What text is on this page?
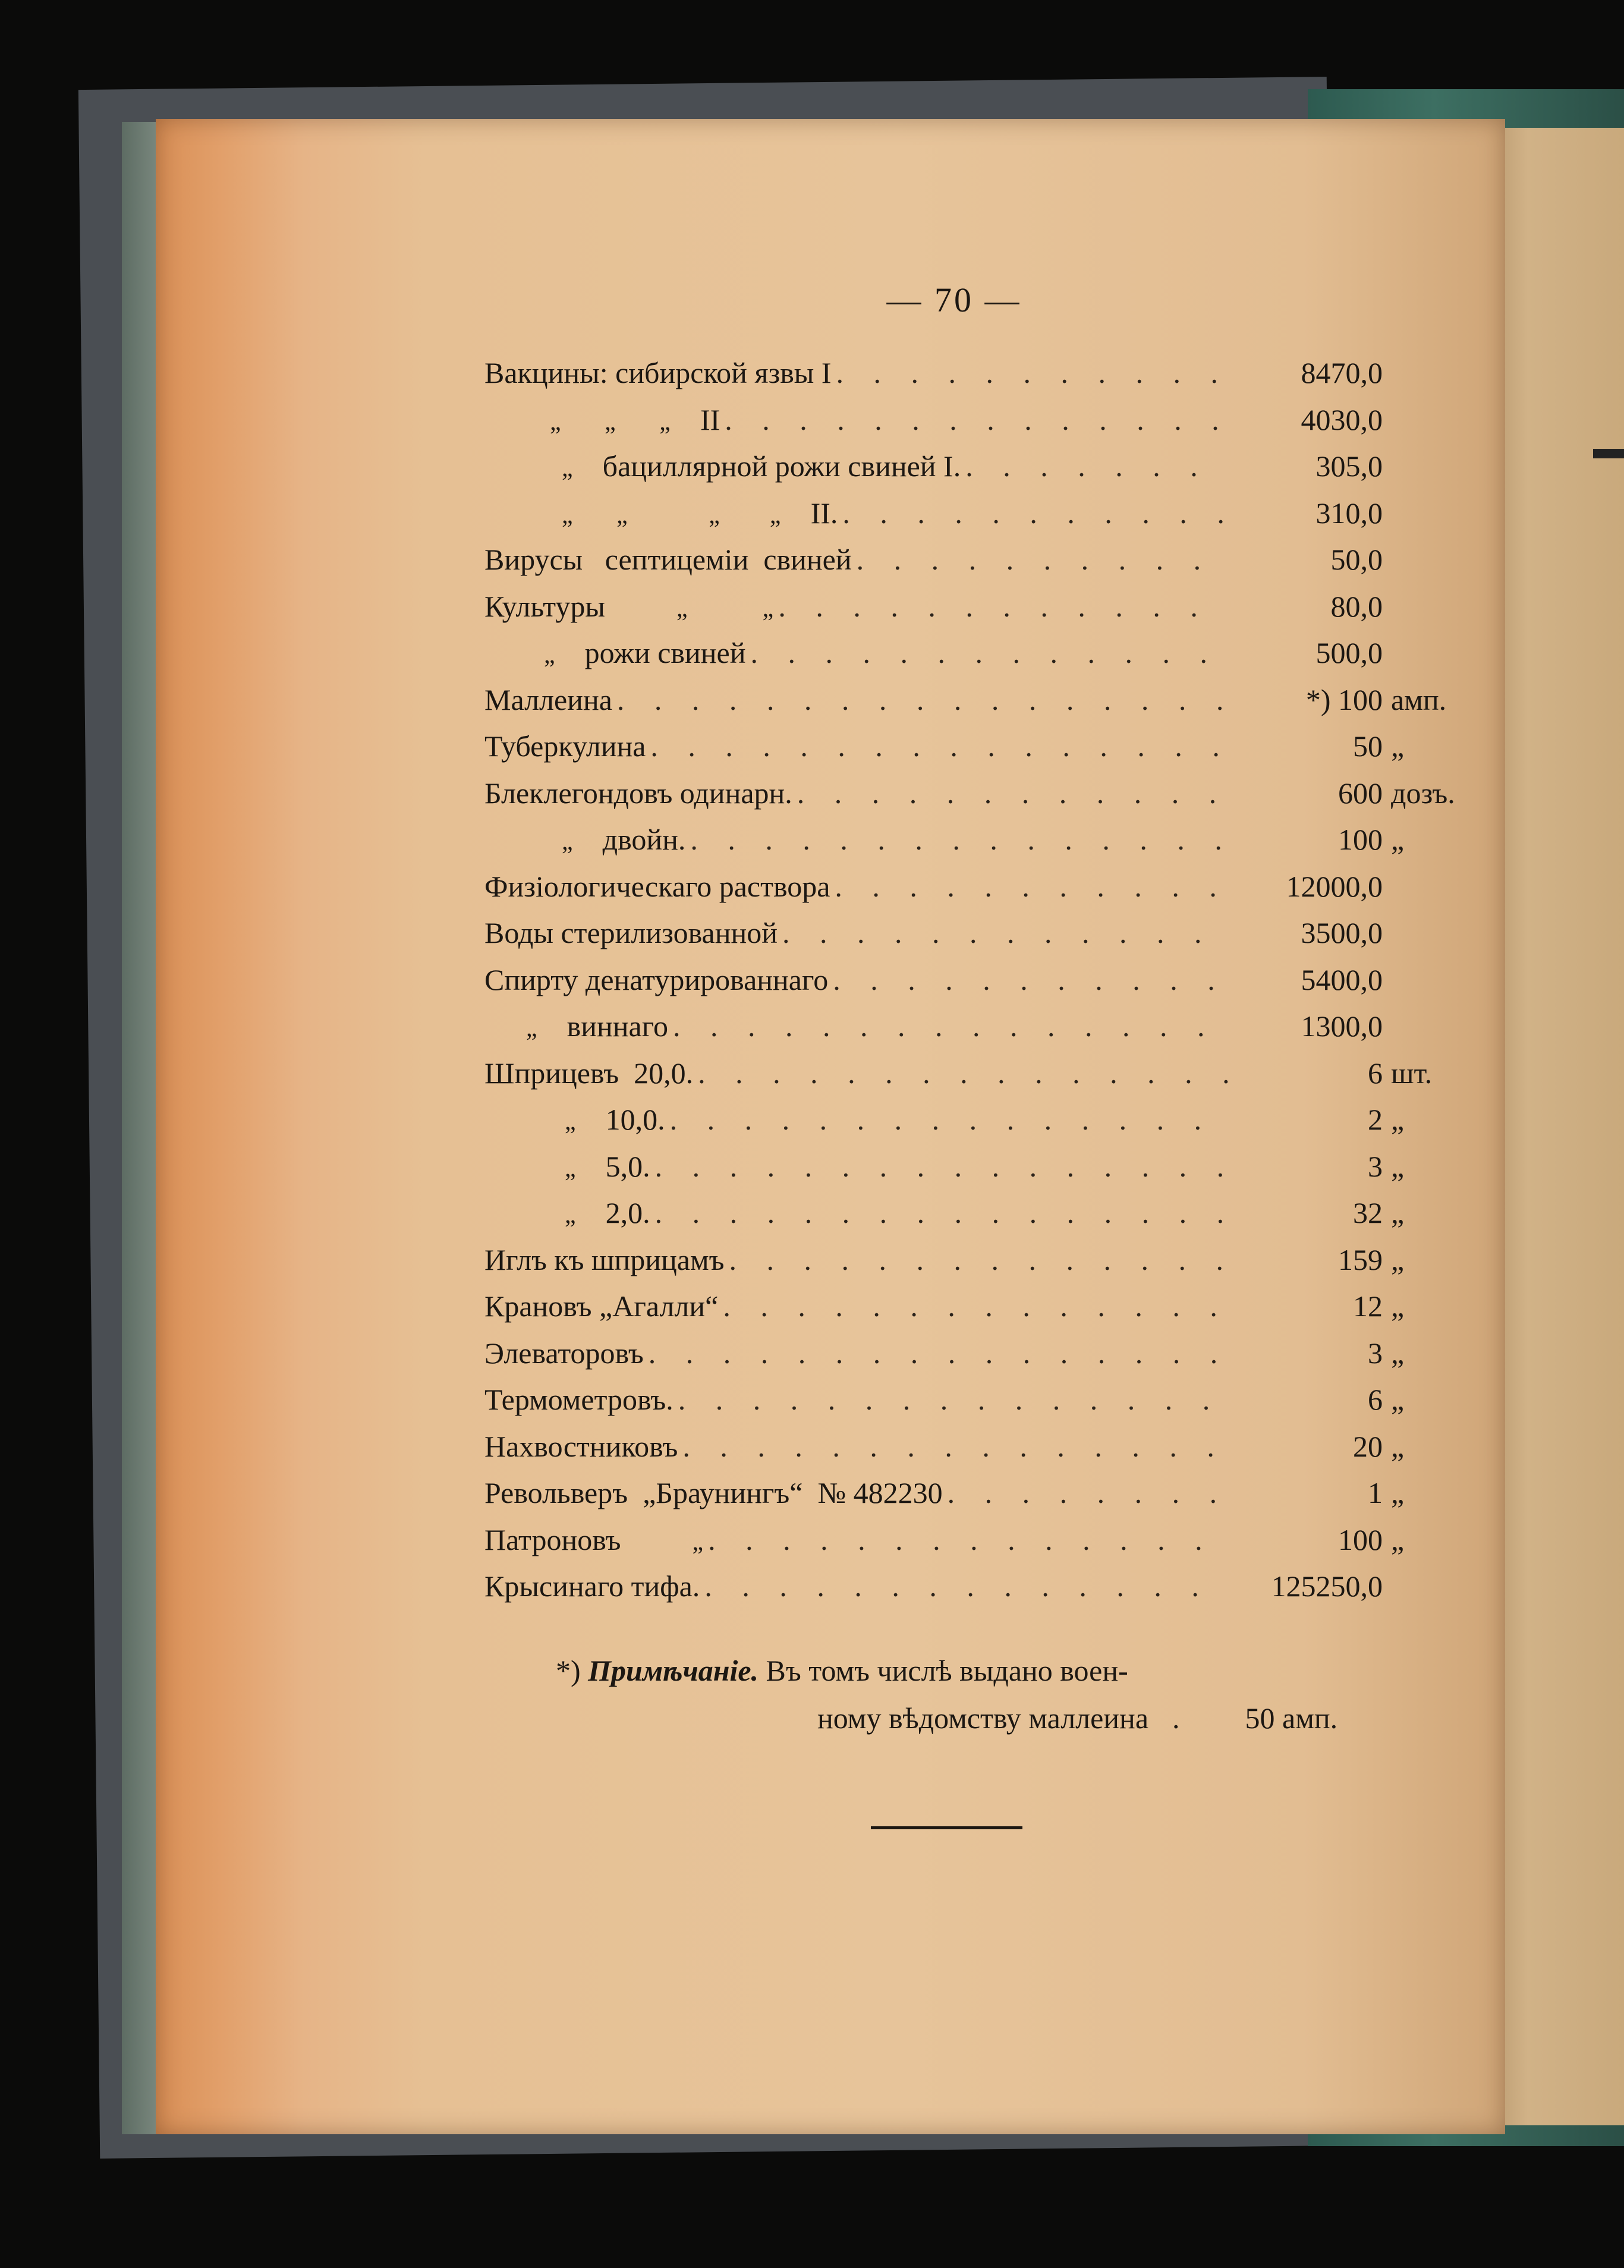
— 70 —
Вакцины: сибирской язвы I . . .	8470,0
„       „       „ II . . .	4030,0
„ бациллярной рожи свиней I. . . .	305,0
„       „             „        „ II. . . .	310,0
Вирусы   септицемiи  свиней . . .	50,0
Культуры	„            „ . . .	80,0
„ рожи свиней . . .	500,0
Маллеина . . .	*) 100 амп.
Туберкулина . . .	50 „
Блеклегондовъ одинарн. . . .	600 дозъ.
„ двойн. . . .	100 „
Физiологическаго раствора . . .	12000,0
Воды стерилизованной . . .	3500,0
Спирту денатурированнаго . . .	5400,0
„ виннаго . . .	1300,0
Шприцевъ  20,0. . . .	6 шт.
„ 10,0. . . .	2 „
„ 5,0. . . .	3 „
„ 2,0. . . .	32 „
Иглъ къ шприцамъ . . .	159 „
Крановъ „Агалли“ . . .	12 „
Элеваторовъ . . .	3 „
Термометровъ. . . .	6 „
Нахвостниковъ . . .	20 „
Револьверъ  „Браунингъ“  № 482230 . . .	1 „
Патроновъ	„ . . .	100 „
Крысинаго тифа. . . .	125250,0
*) Примѣчанiе. Въ томъ числѣ выдано воен-
ному вѣдомству маллеина .	50 амп.
